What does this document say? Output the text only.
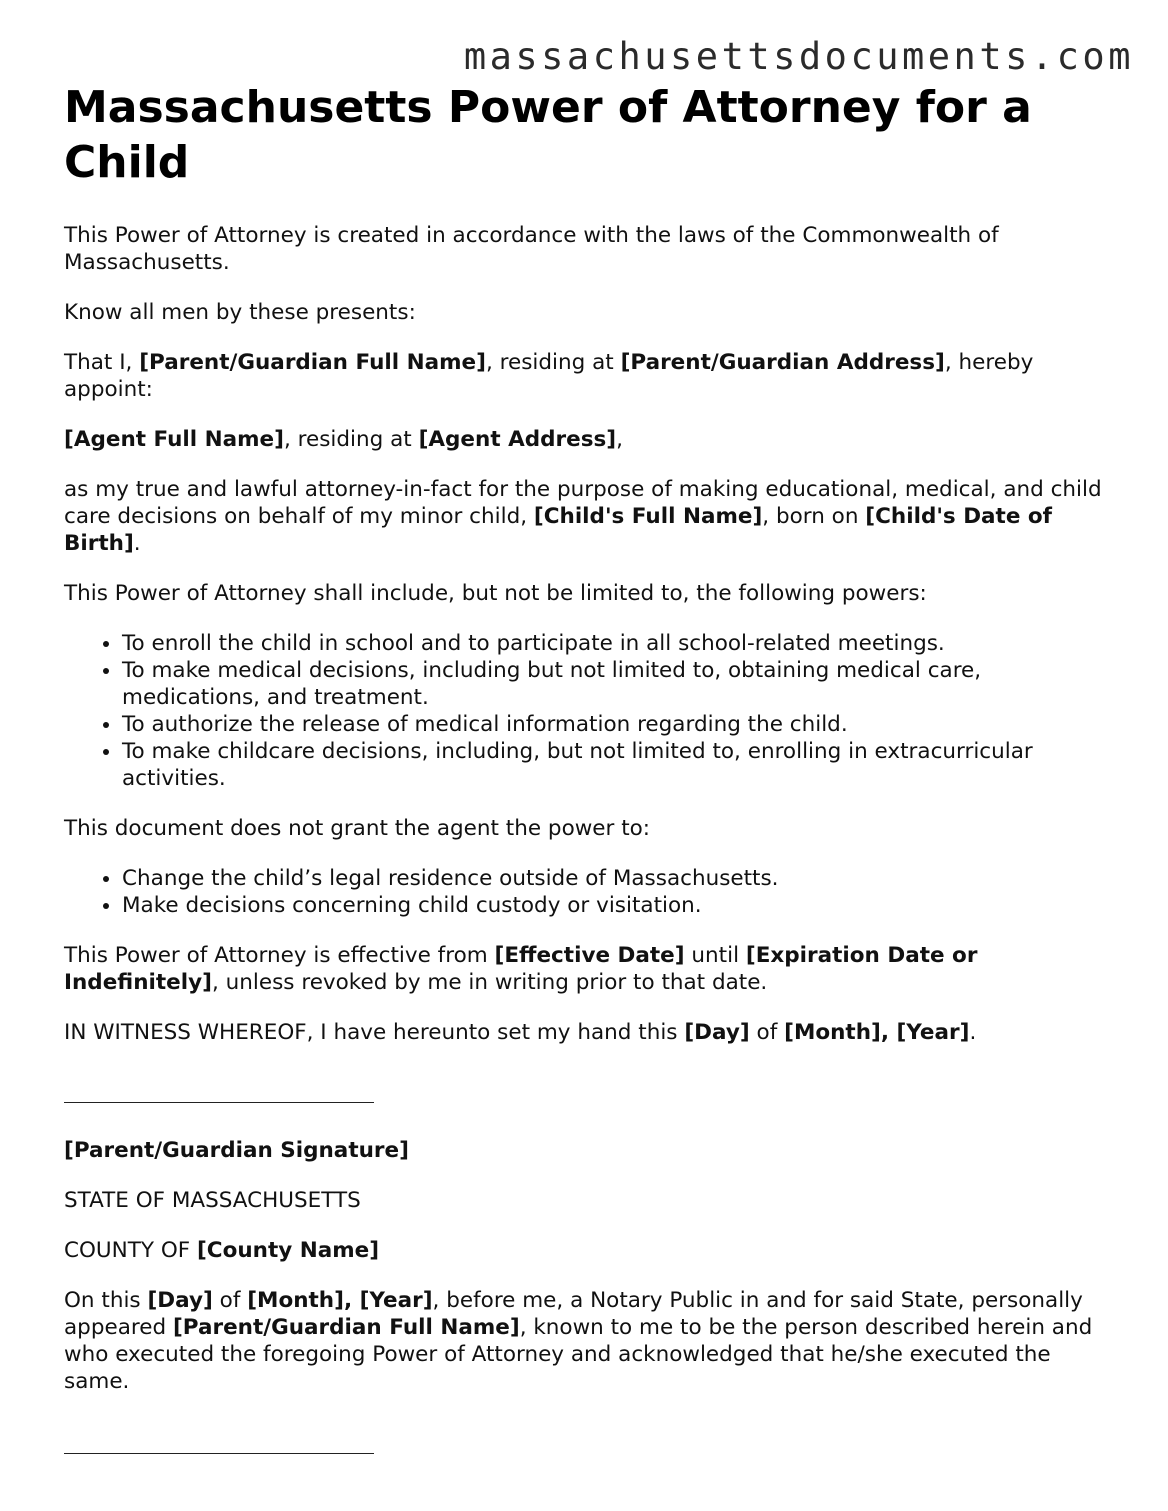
massachusettsdocuments.com
Massachusetts Power of Attorney for a Child

This Power of Attorney is created in accordance with the laws of the Commonwealth of Massachusetts.

Know all men by these presents:

That I, [Parent/Guardian Full Name], residing at [Parent/Guardian Address], hereby appoint:

[Agent Full Name], residing at [Agent Address],

as my true and lawful attorney-in-fact for the purpose of making educational, medical, and child care decisions on behalf of my minor child, [Child's Full Name], born on [Child's Date of Birth].

This Power of Attorney shall include, but not be limited to, the following powers:

• To enroll the child in school and to participate in all school-related meetings.
• To make medical decisions, including but not limited to, obtaining medical care, medications, and treatment.
• To authorize the release of medical information regarding the child.
• To make childcare decisions, including, but not limited to, enrolling in extracurricular activities.

This document does not grant the agent the power to:

• Change the child’s legal residence outside of Massachusetts.
• Make decisions concerning child custody or visitation.

This Power of Attorney is effective from [Effective Date] until [Expiration Date or Indefinitely], unless revoked by me in writing prior to that date.

IN WITNESS WHEREOF, I have hereunto set my hand this [Day] of [Month], [Year].

[Parent/Guardian Signature]

STATE OF MASSACHUSETTS

COUNTY OF [County Name]

On this [Day] of [Month], [Year], before me, a Notary Public in and for said State, personally appeared [Parent/Guardian Full Name], known to me to be the person described herein and who executed the foregoing Power of Attorney and acknowledged that he/she executed the same.
